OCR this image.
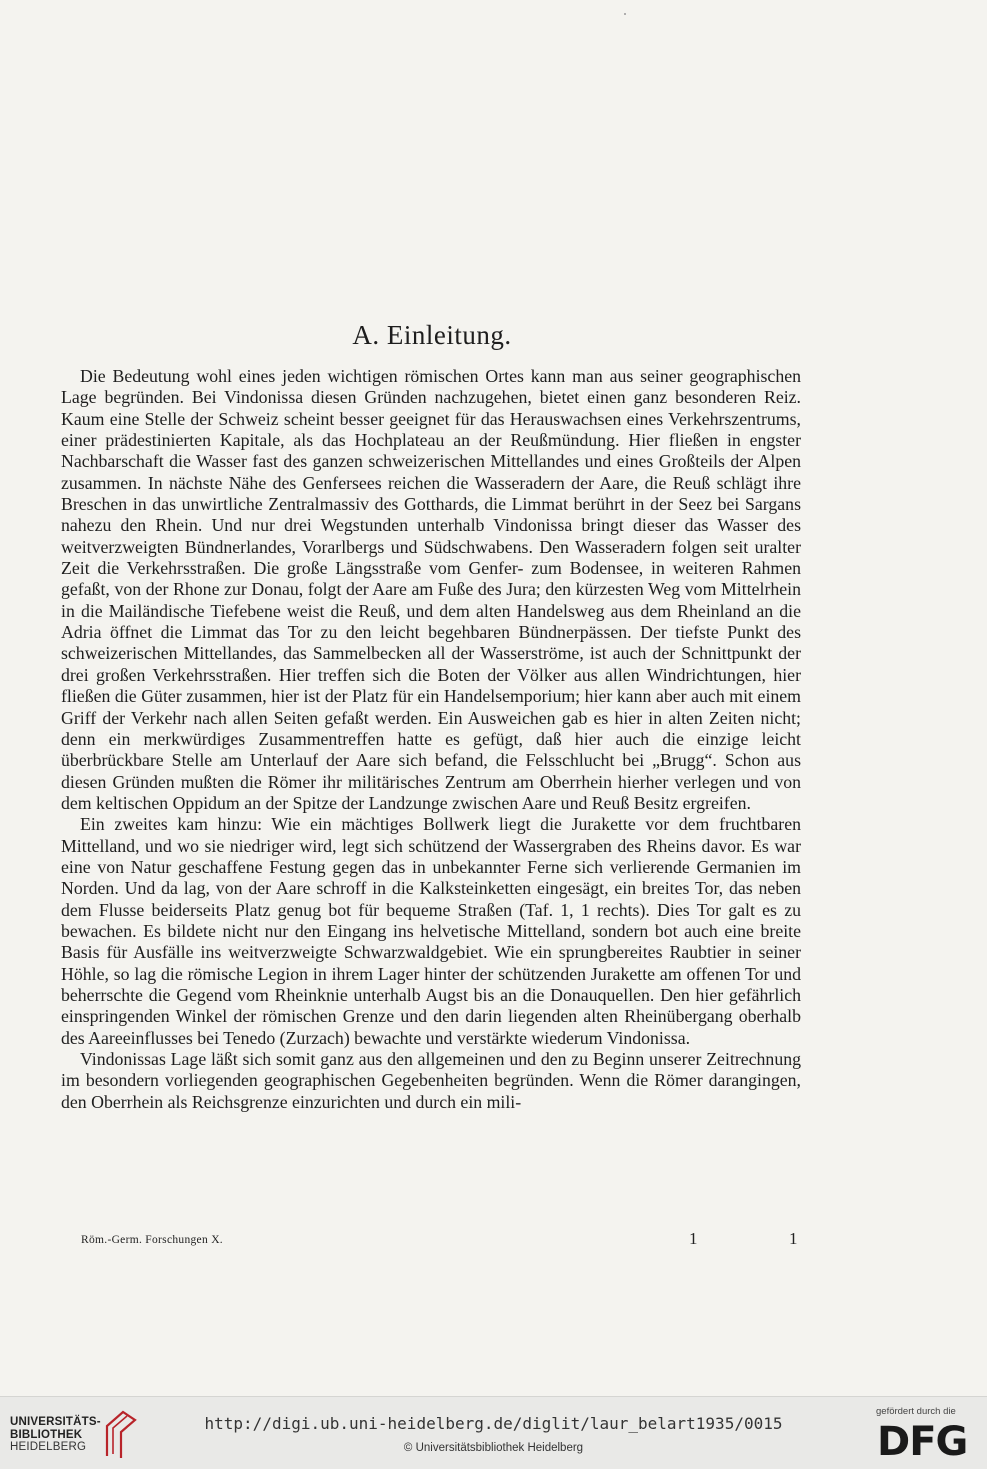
A. Einleitung.

Die Bedeutung wohl eines jeden wichtigen römischen Ortes kann man aus seiner geographischen Lage begründen. Bei Vindonissa diesen Gründen nachzugehen, bietet einen ganz besonderen Reiz. Kaum eine Stelle der Schweiz scheint besser geeignet für das Herauswachsen eines Verkehrszentrums, einer prädestinierten Kapitale, als das Hochplateau an der Reußmündung. Hier fließen in engster Nachbarschaft die Wasser fast des ganzen schweizerischen Mittellandes und eines Großteils der Alpen zusammen. In nächste Nähe des Genfersees reichen die Wasseradern der Aare, die Reuß schlägt ihre Breschen in das unwirtliche Zentralmassiv des Gotthards, die Limmat berührt in der Seez bei Sargans nahezu den Rhein. Und nur drei Wegstunden unterhalb Vindonissa bringt dieser das Wasser des weitverzweigten Bündnerlandes, Vorarlbergs und Südschwabens. Den Wasseradern folgen seit uralter Zeit die Verkehrsstraßen. Die große Längsstraße vom Genfer- zum Bodensee, in weiteren Rahmen gefaßt, von der Rhone zur Donau, folgt der Aare am Fuße des Jura; den kürzesten Weg vom Mittelrhein in die Mailändische Tiefebene weist die Reuß, und dem alten Handelsweg aus dem Rheinland an die Adria öffnet die Limmat das Tor zu den leicht begehbaren Bündnerpässen. Der tiefste Punkt des schweizerischen Mittellandes, das Sammelbecken all der Wasserströme, ist auch der Schnittpunkt der drei großen Verkehrsstraßen. Hier treffen sich die Boten der Völker aus allen Windrichtungen, hier fließen die Güter zusammen, hier ist der Platz für ein Handelsemporium; hier kann aber auch mit einem Griff der Verkehr nach allen Seiten gefaßt werden. Ein Ausweichen gab es hier in alten Zeiten nicht; denn ein merkwürdiges Zusammentreffen hatte es gefügt, daß hier auch die einzige leicht überbrückbare Stelle am Unterlauf der Aare sich befand, die Felsschlucht bei „Brugg“. Schon aus diesen Gründen mußten die Römer ihr militärisches Zentrum am Oberrhein hierher verlegen und von dem keltischen Oppidum an der Spitze der Landzunge zwischen Aare und Reuß Besitz ergreifen.

Ein zweites kam hinzu: Wie ein mächtiges Bollwerk liegt die Jurakette vor dem fruchtbaren Mittelland, und wo sie niedriger wird, legt sich schützend der Wassergraben des Rheins davor. Es war eine von Natur geschaffene Festung gegen das in unbekannter Ferne sich verlierende Germanien im Norden. Und da lag, von der Aare schroff in die Kalksteinketten eingesägt, ein breites Tor, das neben dem Flusse beiderseits Platz genug bot für bequeme Straßen (Taf. 1, 1 rechts). Dies Tor galt es zu bewachen. Es bildete nicht nur den Eingang ins helvetische Mittelland, sondern bot auch eine breite Basis für Ausfälle ins weitverzweigte Schwarzwaldgebiet. Wie ein sprungbereites Raubtier in seiner Höhle, so lag die römische Legion in ihrem Lager hinter der schützenden Jurakette am offenen Tor und beherrschte die Gegend vom Rheinknie unterhalb Augst bis an die Donauquellen. Den hier gefährlich einspringenden Winkel der römischen Grenze und den darin liegenden alten Rheinübergang oberhalb des Aareeinflusses bei Tenedo (Zurzach) bewachte und verstärkte wiederum Vindonissa.

Vindonissas Lage läßt sich somit ganz aus den allgemeinen und den zu Beginn unserer Zeitrechnung im besondern vorliegenden geographischen Gegebenheiten begründen. Wenn die Römer darangingen, den Oberrhein als Reichsgrenze einzurichten und durch ein mili-

Röm.-Germ. Forschungen X.	1	1
UNIVERSITÄTS-
BIBLIOTHEK
HEIDELBERG
http://digi.ub.uni-heidelberg.de/diglit/laur_belart1935/0015
© Universitätsbibliothek Heidelberg
gefördert durch die
DFG
